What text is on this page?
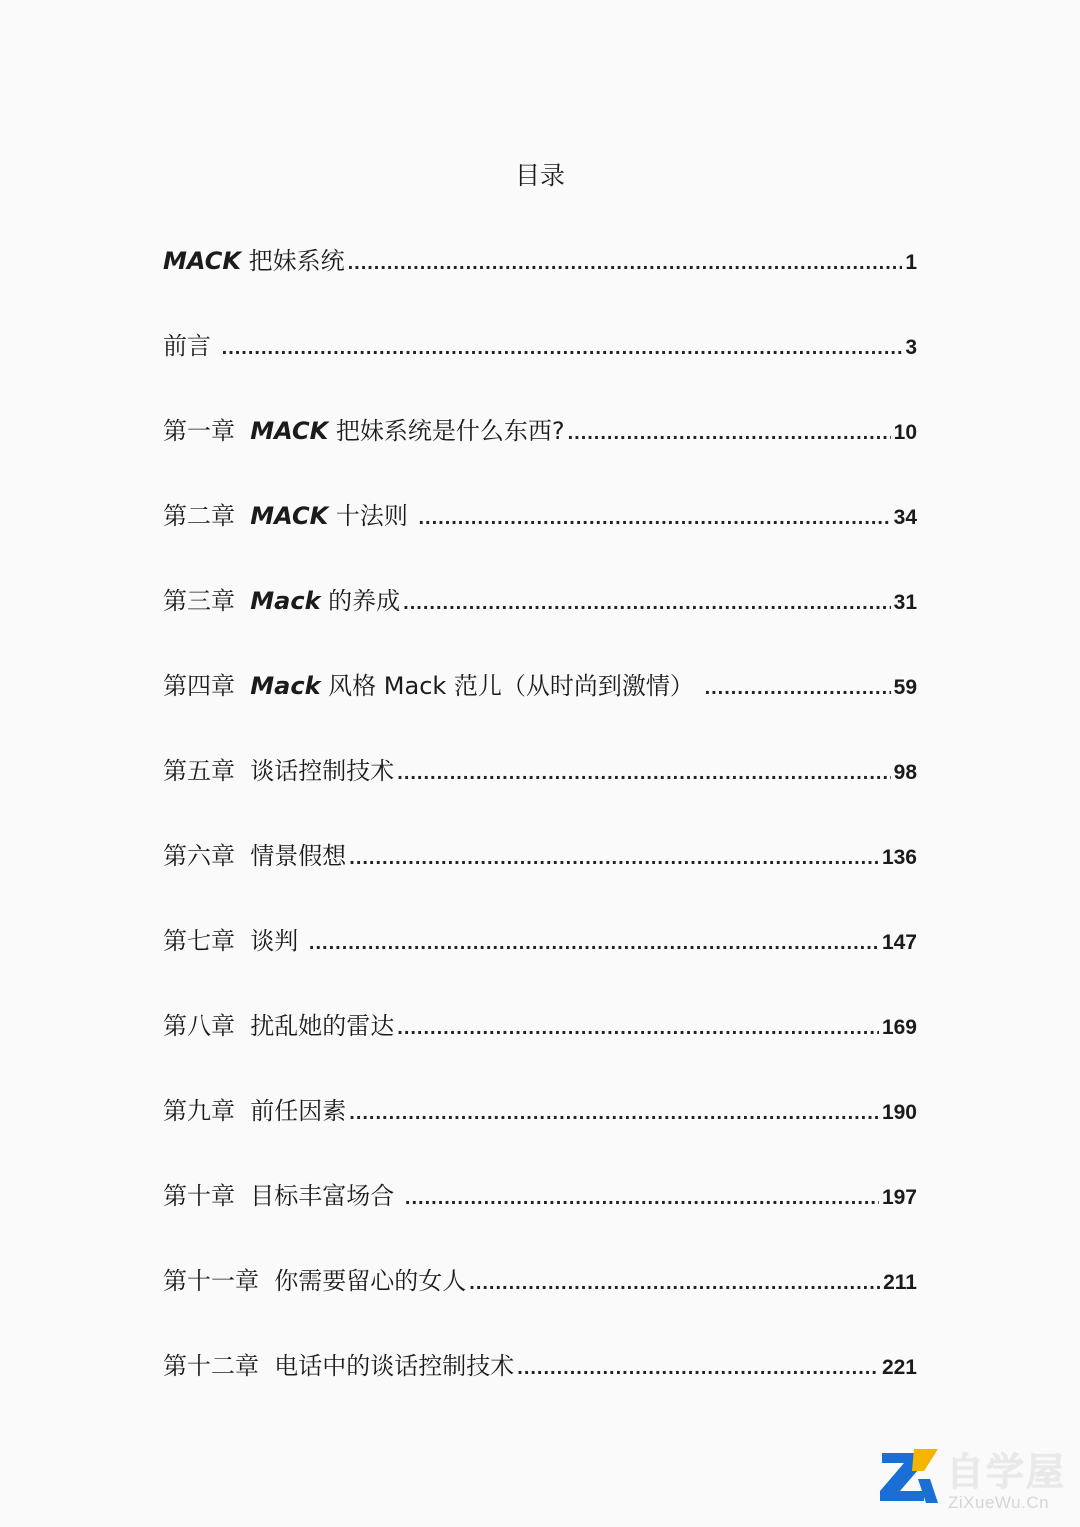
目录
MACK 把妹系统 .....	1
前言 .....	3
第一章 MACK 把妹系统是什么东西? .....	10
第二章 MACK 十法则 .....	34
第三章 Mack 的养成 .....	31
第四章 Mack 风格 Mack 范儿（从时尚到激情） .....	59
第五章 谈话控制技术 .....	98
第六章 情景假想 .....	136
第七章 谈判 .....	147
第八章 扰乱她的雷达 .....	169
第九章 前任因素 .....	190
第十章 目标丰富场合 .....	197
第十一章 你需要留心的女人 .....	211
第十二章 电话中的谈话控制技术 .....	221
自学屋
ZiXueWu.Cn
